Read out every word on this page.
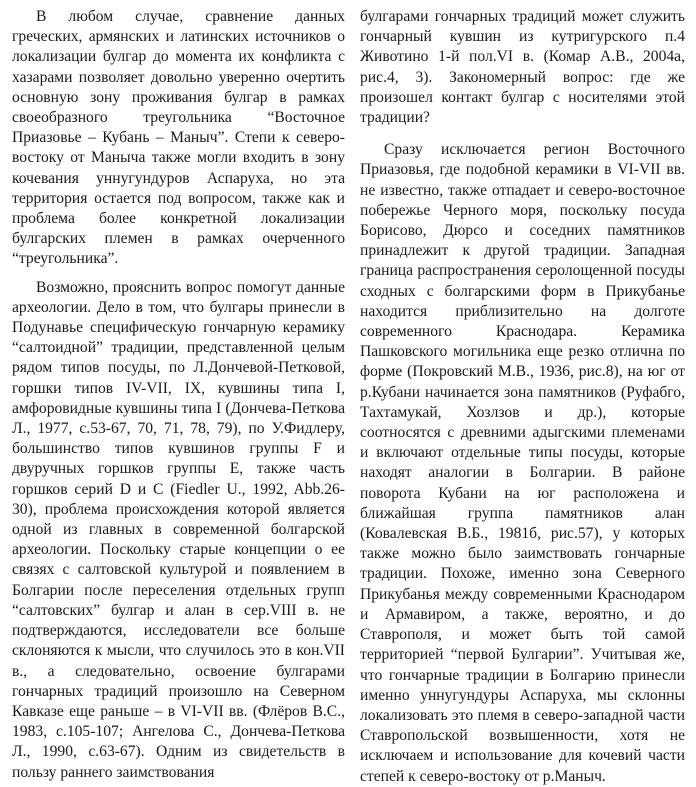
В любом случае, сравнение данных греческих, армянских и латинских источников о локализации булгар до момента их конфликта с хазарами позволяет довольно уверенно очертить основную зону проживания булгар в рамках своеобразного треугольника “Восточное Приазовье – Кубань – Маныч”. Степи к северо-востоку от Маныча также могли входить в зону кочевания уннугундуров Аспаруха, но эта территория остается под вопросом, также как и проблема более конкретной локализации булгарских племен в рамках очерченного “треугольника”.

Возможно, прояснить вопрос помогут данные археологии. Дело в том, что булгары принесли в Подунавье специфическую гончарную керамику “салтоидной” традиции, представленной целым рядом типов посуды, по Л.Дончевой-Петковой, горшки типов IV-VII, IX, кувшины типа I, амфоровидные кувшины типа I (Дончева-Петкова Л., 1977, с.53-67, 70, 71, 78, 79), по У.Фидлеру, большинство типов кувшинов группы F и двуручных горшков группы E, также часть горшков серий D и C (Fiedler U., 1992, Abb.26-30), проблема происхождения которой является одной из главных в современной болгарской археологии. Поскольку старые концепции о ее связях с салтовской культурой и появлением в Болгарии после переселения отдельных групп “салтовских” булгар и алан в сер.VIII в. не подтверждаются, исследователи все больше склоняются к мысли, что случилось это в кон.VII в., а следовательно, освоение булгарами гончарных традиций произошло на Северном Кавказе еще раньше – в VI-VII вв. (Флёров В.С., 1983, с.105-107; Ангелова С., Дончева-Петкова Л., 1990, с.63-67). Одним из свидетельств в пользу раннего заимствования

булгарами гончарных традиций может служить гончарный кувшин из кутригурского п.4 Животино 1-й пол.VI в. (Комар А.В., 2004а, рис.4, 3). Закономерный вопрос: где же произошел контакт булгар с носителями этой традиции?

Сразу исключается регион Восточного Приазовья, где подобной керамики в VI-VII вв. не известно, также отпадает и северо-восточное побережье Черного моря, поскольку посуда Борисово, Дюрсо и соседних памятников принадлежит к другой традиции. Западная граница распространения серолощенной посуды сходных с болгарскими форм в Прикубанье находится приблизительно на долготе современного Краснодара. Керамика Пашковского могильника еще резко отлична по форме (Покровский М.В., 1936, рис.8), на юг от р.Кубани начинается зона памятников (Руфабго, Тахтамукай, Хозлзов и др.), которые соотносятся с древними адыгскими племенами и включают отдельные типы посуды, которые находят аналогии в Болгарии. В районе поворота Кубани на юг расположена и ближайшая группа памятников алан (Ковалевская В.Б., 1981б, рис.57), у которых также можно было заимствовать гончарные традиции. Похоже, именно зона Северного Прикубанья между современными Краснодаром и Армавиром, а также, вероятно, и до Ставрополя, и может быть той самой территорией “первой Булгарии”. Учитывая же, что гончарные традиции в Болгарию принесли именно уннугундуры Аспаруха, мы склонны локализовать это племя в северо-западной части Ставропольской возвышенности, хотя не исключаем и использование для кочевий части степей к северо-востоку от р.Маныч.
